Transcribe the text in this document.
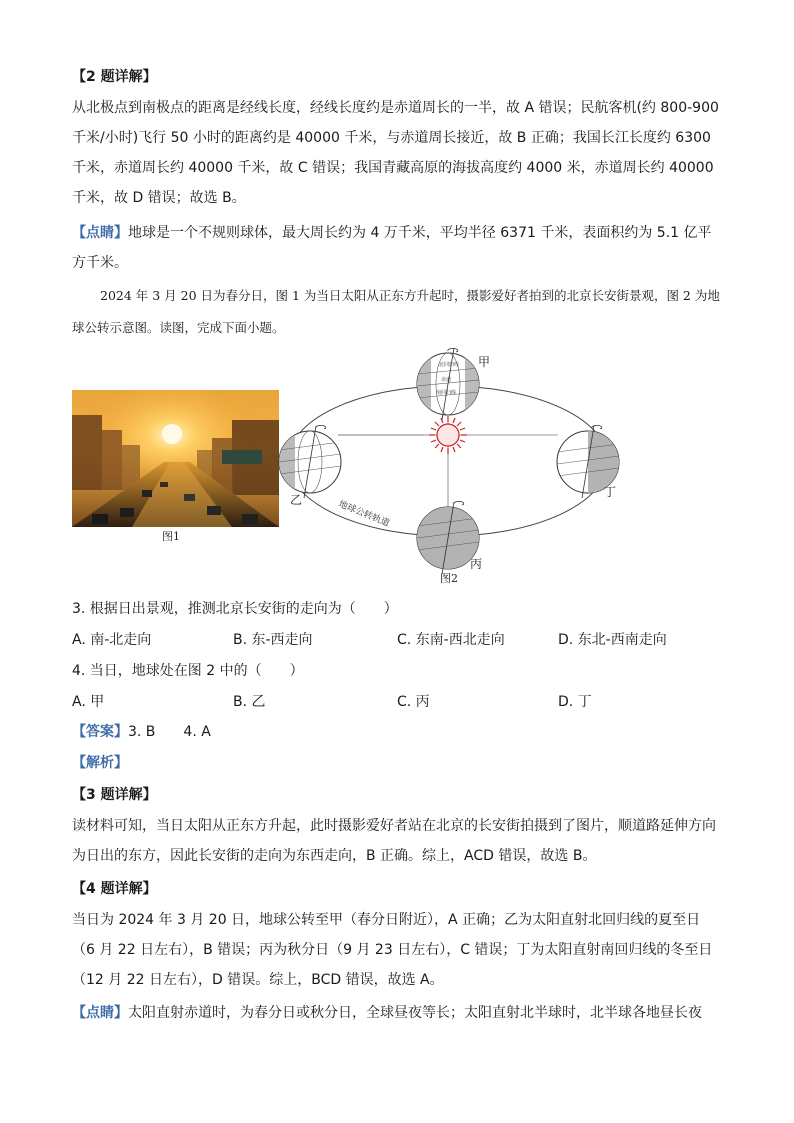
【2 题详解】
从北极点到南极点的距离是经线长度，经线长度约是赤道周长的一半，故 A 错误；民航客机(约 800-900 千米/小时)飞行 50 小时的距离约是 40000 千米，与赤道周长接近，故 B 正确；我国长江长度约 6300 千米，赤道周长约 40000 千米，故 C 错误；我国青藏高原的海拔高度约 4000 米，赤道周长约 40000 千米，故 D 错误；故选 B。
【点睛】地球是一个不规则球体，最大周长约为 4 万千米，平均半径 6371 千米，表面积约为 5.1 亿平方千米。
2024 年 3 月 20 日为春分日，图 1 为当日太阳从正东方升起时，摄影爱好者拍到的北京长安街景观，图 2 为地球公转示意图。读图，完成下面小题。
图1
北回归线
赤道
南回归线
甲
乙
丁
丙
地球公转轨道
图2
3. 根据日出景观，推测北京长安街的走向为（　　）
A. 南-北走向	B. 东-西走向	C. 东南-西北走向	D. 东北-西南走向
4. 当日，地球处在图 2 中的（　　）
A. 甲	B. 乙	C. 丙	D. 丁
【答案】3. B　　4. A
【解析】
【3 题详解】
读材料可知，当日太阳从正东方升起，此时摄影爱好者站在北京的长安街拍摄到了图片，顺道路延伸方向为日出的东方，因此长安街的走向为东西走向，B 正确。综上，ACD 错误，故选 B。
【4 题详解】
当日为 2024 年 3 月 20 日，地球公转至甲（春分日附近），A 正确；乙为太阳直射北回归线的夏至日（6 月 22 日左右），B 错误；丙为秋分日（9 月 23 日左右），C 错误；丁为太阳直射南回归线的冬至日（12 月 22 日左右），D 错误。综上，BCD 错误，故选 A。
【点睛】太阳直射赤道时，为春分日或秋分日，全球昼夜等长；太阳直射北半球时，北半球各地昼长夜
